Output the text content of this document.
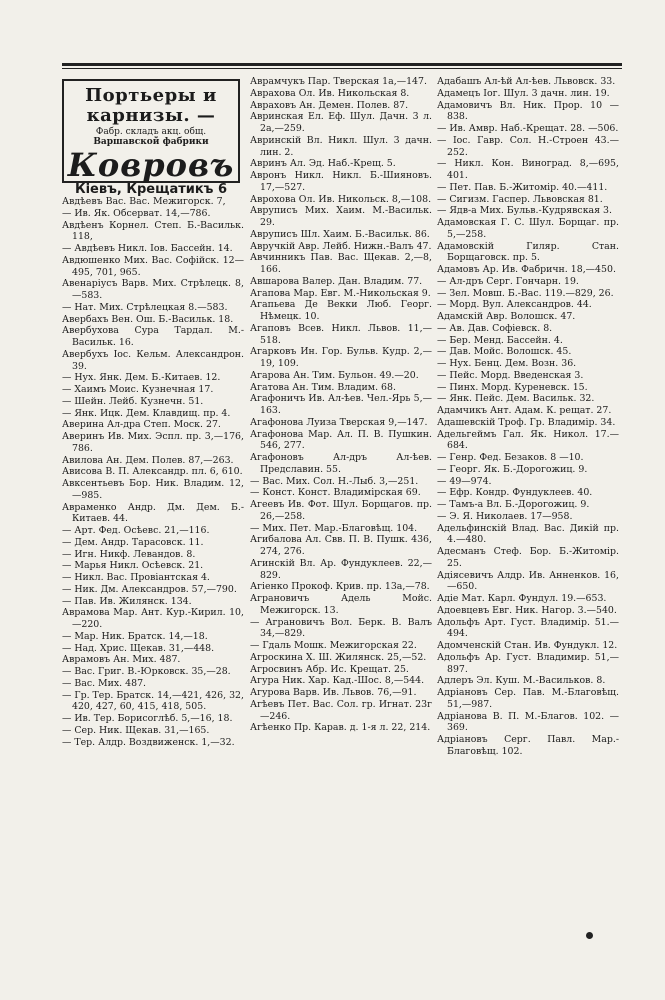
Портьеры и карнизы. —
Фабр. складъ акц. общ.
Варшавской фабрики
Ковровъ
Кіевъ, Крещатикъ 6

Авдѣевъ Вас. Вас. Межигорск. 7,

— Ив. Як. Обсерват. 14,—786.

Авдѣенъ Корнел. Степ. Б.-Васильк. 118,

— Авдѣевъ Никл. Іов. Бассейн. 14.

Авдюшенко Мих. Вас. Софійск. 12—495, 701, 965.

Авенаріусъ Варв. Мих. Стрѣлецк. 8,—583.

— Нат. Мих. Стрѣлецкая 8.—583.

Авербахъ Вен. Ош. Б.-Васильк. 18.

Авербухова Сура Тардал. М.-Васильк. 16.

Авербухъ Іос. Кельм. Александрон. 39.

— Нух. Янк. Дем. Б.-Китаев. 12.

— Хаимъ Моис. Кузнечная 17.

— Шейн. Лейб. Кузнечн. 51.

— Янк. Ицк. Дем. Клавдищ. пр. 4.

Аверина Ал-дра Степ. Моск. 27.

Аверинъ Ив. Мих. Эспл. пр. 3,—176, 786.

Авилова Ан. Дем. Полев. 87,—263.

Ависова В. П. Александр. пл. 6, 610.

Авксентьевъ Бор. Ник. Владим. 12,—985.

Авраменко Андр. Дм. Дем. Б.-Китаев. 44.

— Арт. Фед. Осѣевс. 21,—116.

— Дем. Андр. Тарасовск. 11.

— Игн. Никф. Левандов. 8.

— Марья Никл. Осѣевск. 21.

— Никл. Вас. Провіантская 4.

— Ник. Дм. Александров. 57,—790.

— Пав. Ив. Жилянск. 134.

Аврамова Мар. Ант. Кур.-Кирил. 10,—220.

— Мар. Ник. Братск. 14,—18.

— Над. Хрис. Щекав. 31,—448.

Аврамовъ Ан. Мих. 487.

— Вас. Григ. В.-Юрковск. 35,—28.

— Вас. Мих. 487.

— Гр. Тер. Братск. 14,—421, 426, 32, 420, 427, 60, 415, 418, 505.

— Ив. Тер. Борисоглѣб. 5,—16, 18.

— Сер. Ник. Щекав. 31,—165.

— Тер. Алдр. Воздвиженск. 1,—32.

Аврамчукъ Пар. Тверская 1а,—147.

Аврахова Ол. Ив. Никольская 8.

Авраховъ Ан. Демен. Полев. 87.

Авринская Ел. Еф. Шул. Дачн. 3 л. 2а,—259.

Авринскій Вл. Никл. Шул. 3 дачн. лин. 2.

Авринъ Ал. Эд. Наб.-Крещ. 5.

Авронъ Никл. Никл. Б.-Шияновъ. 17,—527.

Аврохова Ол. Ив. Никольск. 8,—108.

Авруписъ Мих. Хаим. М.-Васильк. 29.

Авруписъ Шл. Хаим. Б.-Васильк. 86.

Авручкій Авр. Лейб. Нижн.-Валъ 47.

Авчинникъ Пав. Вас. Щекав. 2,—8, 166.

Авшарова Валер. Дан. Владим. 77.

Агапова Мар. Евг. М.-Никольская 9.

Агапьева Де Векки Люб. Георг. Нѣмецк. 10.

Агаповъ Всев. Никл. Львов. 11,—518.

Агарковъ Ин. Гор. Бульв. Кудр. 2,—19, 109.

Агарова Ан. Тим. Бульон. 49.—20.

Агатова Ан. Тим. Владим. 68.

Агафоничъ Ив. Ал-ѣев. Чел.-Ярь 5,—163.

Агафонова Луиза Тверская 9,—147.

Агафонова Мар. Ал. П. В. Пушкин. 546, 277.

Агафоновъ Ал-дръ Ал-ѣев. Предславин. 55.

— Вас. Мих. Сол. Н.-Лыб. 3,—251.

— Конст. Конст. Владимірская 69.

Агеевъ Ив. Фот. Шул. Борщагов. пр. 26,—258.

— Мих. Пет. Мар.-Благовѣщ. 104.

Агибалова Ал. Свв. П. В. Пушк. 436, 274, 276.

Агинскій Вл. Ар. Фундуклеев. 22,—829.

Агіенко Прокоф. Крив. пр. 13а,—78.

Аграновичъ Адель Мойс. Межигорск. 13.

— Аграновичъ Вол. Берк. В. Валъ 34,—829.

— Гдаль Мошк. Межигорская 22.

Агроскина Х. Ш. Жилянск. 25,—52.

Агросвинъ Абр. Ис. Крещат. 25.

Агура Ник. Хар. Кад.-Шос. 8,—544.

Агурова Варв. Ив. Львов. 76,—91.

Агѣевъ Пет. Вас. Сол. гр. Игнат. 23г—246.

Агѣенко Пр. Карав. д. 1-я л. 22, 214.

Адабашъ Ал-ѣй Ал-ѣев. Львовск. 33.

Адамецъ Іог. Шул. 3 дачн. лин. 19.

Адамовичъ Вл. Ник. Прор. 10 — 838.

— Ив. Амвр. Наб.-Крещат. 28. —506.

— Іос. Гавр. Сол. Н.-Строен 43.—252.

— Никл. Кон. Виноград. 8,—695, 401.

— Пет. Пав. Б.-Житомір. 40.—411.

— Сигизм. Гаспер. Львовская 81.

— Ядв-а Мих. Бульв.-Кудрявская 3.

Адамовская Г. С. Шул. Борщаг. пр. 5,—258.

Адамовскій Гиляр. Стан. Борщаговск. пр. 5.

Адамовъ Ар. Ив. Фабричн. 18,—450.

— Ал-дръ Серг. Гончарн. 19.

— Зел. Мовш. Б.-Вас. 119.—829, 26.

— Морд. Вул. Александров. 44.

Адамскій Авр. Волошск. 47.

— Ав. Дав. Софіевск. 8.

— Бер. Менд. Бассейн. 4.

— Дав. Мойс. Волошск. 45.

— Нух. Бенц. Дем. Возн. 36.

— Пейс. Морд. Введенская 3.

— Пинх. Морд. Куреневск. 15.

— Янк. Пейс. Дем. Васильк. 32.

Адамчикъ Ант. Адам. К. рещат. 27.

Адашевскій Троф. Гр. Владимір. 34.

Адельгеймъ Гал. Як. Никол. 17.—684.

— Генр. Фед. Безаков. 8 —10.

— Георг. Як. Б.-Дорогожиц. 9.

— 49—974.

— Ефр. Кондр. Фундуклеев. 40.

— Тамъ-а Вл. Б.-Дорогожиц. 9.

— Э. Я. Николаев. 17—958.

Адельфинскій Влад. Вас. Дикій пр. 4.—480.

Адесманъ Стеф. Бор. Б.-Житомір. 25.

Адіясевичъ Алдр. Ив. Анненков. 16,—650.

Адіе Мат. Карл. Фундул. 19.—653.

Адоевцевъ Евг. Ник. Нагор. 3.—540.

Адольфъ Арт. Густ. Владимір. 51.—494.

Адомченскій Стан. Ив. Фундукл. 12.

Адольфъ Ар. Густ. Владимир. 51,—897.

Адлеръ Эл. Куш. М.-Васильков. 8.

Адріановъ Сер. Пав. М.-Благовѣщ. 51,—987.

Адріанова В. П. М.-Благов. 102. —369.

Адріановъ Серг. Павл. Мар.-Благовѣщ. 102.
